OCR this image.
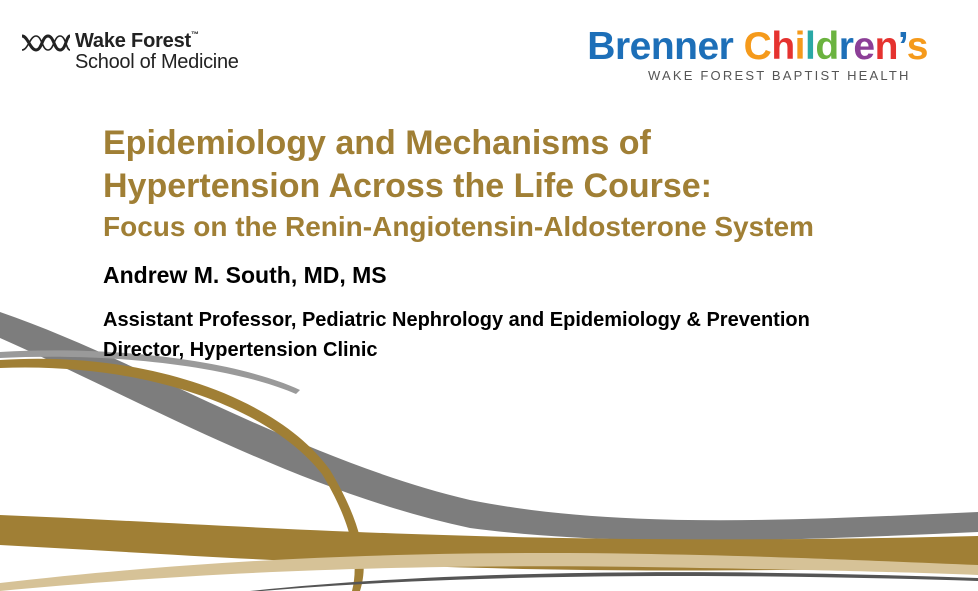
Wake Forest™
School of Medicine	Brenner Children’s
WAKE FOREST BAPTIST HEALTH

Epidemiology and Mechanisms of

Hypertension Across the Life Course:

Focus on the Renin-Angiotensin-Aldosterone System

Andrew M. South, MD, MS
Assistant Professor, Pediatric Nephrology and Epidemiology & Prevention
Director, Hypertension Clinic
